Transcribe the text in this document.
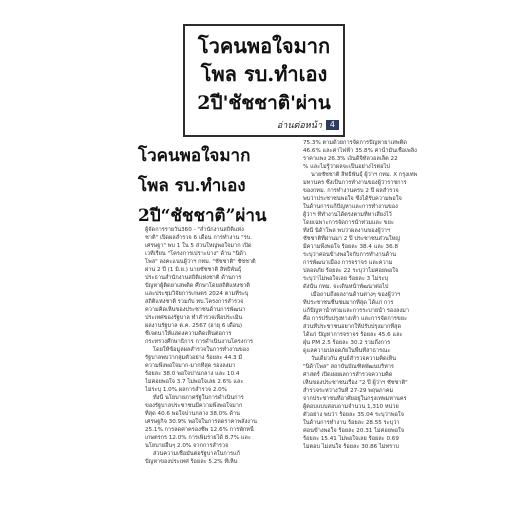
โวคนพอใจมาก
โพล รบ.ทำเอง
2ปี'ชัชชาติ'ผ่าน
อ่านต่อหน้า	4
โวคนพอใจมาก
โพล รบ.ทำเอง
2ปี“ชัชชาติ”ผ่าน
ผู้จัดการรายวัน360 - "สำนักงานสถิติแห่ง
ชาติ" เปิดผลสำรวจ 6 เดือน การทำงาน "รบ.
เศรษฐา" พบ 1 ใน 5 ส่วนใหญ่พอใจมาก เปิด
เวทีเรียน "โครงการเปราะบาง" ด้าน "นิด้า
โพล" ลงคะแนนผู้ว่าฯ กทม. "ชัชชาติ" ชัชชาติ
ผ่าน 2 ปี (1 มิ.ย.) นายชัชชาติ สิทธิพันธุ์
ประธานสำนักงานสถิติแห่งชาติ ด้านการ
ปัญหาผู้ติดยาเสพติด ศึกษาโดยสถิติแห่งชาติ
และประชุมวิจัยการเกษตร 2024 ตามที่ระบุ
สถิติแห่งชาติ รวมกับ ทบ.โครงการสำรวจ
ความคิดเห็นของประชาชนด้านการพัฒนา
ประเทศของรัฐบาล ทำสำรวจเพื่อประเมิน
ผลงานรัฐบาล ต.ค. 2567 (อายุ 6 เดือน)
ชี้เจตนาให้แสดงความคิดเห็นต่อการ
กระทรวงศึกษาธิการ การดำเนินงานโครงการ
โดยให้ข้อมูลผลสำรวจในการทำงานของ
รัฐบาลพบว่ากลุ่มตัวอย่าง ร้อยละ 44.3 มี
ความพึงพอใจมาก-มากที่สุด รองลงมา
ร้อยละ 38.0 พอใจปานกลาง และ 10.4
ไม่ค่อยพอใจ 3.7 ไม่พอใจเลย 2.6% และ
ไม่ระบุ 1.0% ผลการสำรวจ 2.0%
ทั้งนี้ นโยบายภาครัฐในการดำเนินการ
ของรัฐบาลประชาชนมีความพึงพอใจมาก
ที่สุด 40.6 พอใจปานกลาง 38.0% ด้าน
เศรษฐกิจ 30.9% พอใจในการลดราคาพลังงาน
25.1% การลดค่าครองชีพ 12.6% การพักหนี้
เกษตรกร 12.0% การเพิ่มรายได้ 8.7% และ
นโยบายอื่นๆ 2.0% จากการสำรวจ
ส่วนความเชื่อมั่นต่อรัฐบาลในการแก้
ปัญหาของประเทศ ร้อยละ 5.2% ที่เห็น
75.3% ตามด้วยการจัดการปัญหายาเสพติด
46.6% และค่าไฟฟ้า 35.8% ค่าน้ำมันเชื้อเพลิง
ราคาแพง 26.3% เงินดิจิทัลวอลเล็ต 22
% และไม่รู้ว่าผลจะเป็นอย่างไรต่อไป
นายชัชชาติ สิทธิพันธุ์ ผู้ว่าฯ กทม. X กรุงเทพ
มหานคร ซึ่งเป็นการทำงานของผู้ว่าราชการ
ของกทม. การทำงานครบ 2 ปี ผลสำรวจ
พบว่าประชาชนพอใจ ซึ่งได้รับความพอใจ
ในด้านการแก้ปัญหาและการทำงานของ
ผู้ว่าฯ ที่ทำงานได้ตรงตามที่หาเสียงไว้
โดยเฉพาะการจัดการน้ำท่วมและ ขยะ
ทั้งนี้ นิด้าโพล พบว่าผลงานของผู้ว่าฯ
ชัชชาติที่ผ่านมา 2 ปี ประชาชนส่วนใหญ่
มีความพึงพอใจ ร้อยละ 38.4 และ 36.8
ระบุว่าค่อนข้างพอใจกับการทำงานด้าน
การพัฒนาเมือง การจราจร และความ
ปลอดภัย ร้อยละ 22 ระบุว่าไม่ค่อยพอใจ
ระบุว่าไม่พอใจเลย ร้อยละ 3 ไม่ระบุ
ดังนั้น กทม. จะเดินหน้าพัฒนาต่อไป
เมื่อถามถึงผลงานด้านต่างๆ ของผู้ว่าฯ
ที่ประชาชนชื่นชมมากที่สุด ได้แก่ การ
แก้ปัญหาน้ำท่วมและการระบายน้ำ รองลงมา
คือ การปรับปรุงทางเท้า และการจัดการขยะ
ส่วนที่ประชาชนอยากให้ปรับปรุงมากที่สุด
ได้แก่ ปัญหาการจราจร ร้อยละ 45.6 และ
ฝุ่น PM 2.5 ร้อยละ 30.2 รวมถึงการ
ดูแลความปลอดภัยในพื้นที่สาธารณะ
วันเดียวกัน ศูนย์สำรวจความคิดเห็น
"นิด้าโพล" สถาบันบัณฑิตพัฒนบริหาร
ศาสตร์ เปิดเผยผลการสำรวจความคิด
เห็นของประชาชนเรื่อง "2 ปี ผู้ว่าฯ ชัชชาติ"
สำรวจระหว่างวันที่ 27-29 พฤษภาคม
จากประชาชนที่อาศัยอยู่ในกรุงเทพมหานคร
ผู้ตอบแบบสอบถามจำนวน 1,310 หน่วย
ตัวอย่าง พบว่า ร้อยละ 35.04 ระบุว่าพอใจ
ในด้านการทำงาน ร้อยละ 28.55 ระบุว่า
ค่อนข้างพอใจ ร้อยละ 20.31 ไม่ค่อยพอใจ
ร้อยละ 15.41 ไม่พอใจเลย ร้อยละ 0.69
ไม่ตอบ ไม่สนใจ ร้อยละ 30.86 ไม่ทราบ
